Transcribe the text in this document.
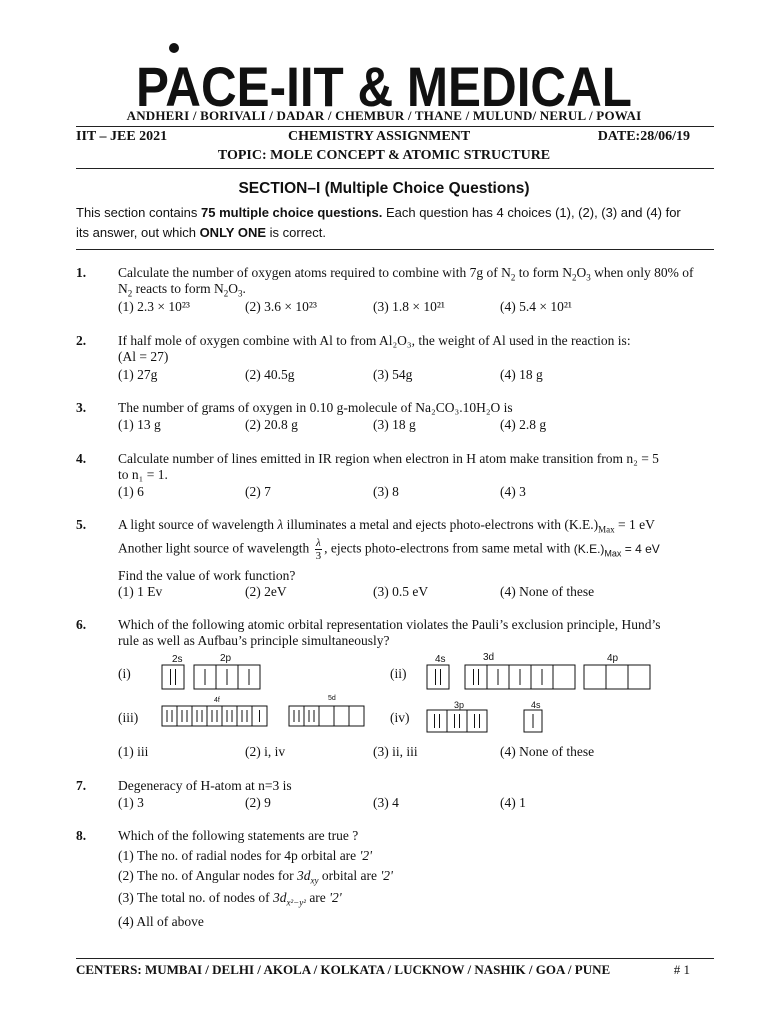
PACE-IIT & MEDICAL
ANDHERI / BORIVALI / DADAR / CHEMBUR / THANE / MULUND/ NERUL / POWAI
IIT – JEE 2021	CHEMISTRY ASSIGNMENT	DATE:28/06/19
TOPIC: MOLE CONCEPT & ATOMIC STRUCTURE
SECTION–I (Multiple Choice Questions)
This section contains 75 multiple choice questions. Each question has 4 choices (1), (2), (3) and (4) for its answer, out which ONLY ONE is correct.
1. Calculate the number of oxygen atoms required to combine with 7g of $N_2$ to form $N_2O_3$ when only 80% of $N_2$ reacts to form $N_2O_3$.
(1) 2.3 × 10²³	(2) 3.6 × 10²³	(3) 1.8 × 10²¹	(4) 5.4 × 10²¹
2. If half mole of oxygen combine with Al to from Al₂O₃, the weight of Al used in the reaction is:
(Al = 27)
(1) 27g	(2) 40.5g	(3) 54g	(4) 18 g
3. The number of grams of oxygen in 0.10 g-molecule of Na₂CO₃.10H₂O is
(1) 13 g	(2) 20.8 g	(3) 18 g	(4) 2.8 g
4. Calculate number of lines emitted in IR region when electron in H atom make transition from n₂ = 5
to n₁ = 1.
(1) 6	(2) 7	(3) 8	(4) 3
5. A light source of wavelength λ illuminates a metal and ejects photo-electrons with $(K.E.)_{Max} = 1$ eV
Another light source of wavelength $\frac{\lambda}{3}$ , ejects photo-electrons from same metal with $(K.E.)_{Max} = 4$ eV
Find the value of work function?
(1) 1 Ev	(2) 2eV	(3) 0.5 eV	(4) None of these
6. Which of the following atomic orbital representation violates the Pauli’s exclusion principle, Hund’s
rule as well as Aufbau’s principle simultaneously?
(1) iii	(2) i, iv	(3) ii, iii	(4) None of these
(i)	(ii)
(iii)	(iv)
2s	2p	4s	3d	4p
4f	5d
3p	4s
7. Degeneracy of H-atom at n=3 is
(1) 3	(2) 9	(3) 4	(4) 1
8. Which of the following statements are true ?
(1) The no. of radial nodes for 4p orbital are '2'
(2) The no. of Angular nodes for $3d_{xy}$ orbital are '2'
(3) The total no. of nodes of $3d_{x^2-y^2}$ are '2'
(4) All of above
CENTERS: MUMBAI / DELHI / AKOLA / KOLKATA / LUCKNOW / NASHIK / GOA / PUNE	# 1
